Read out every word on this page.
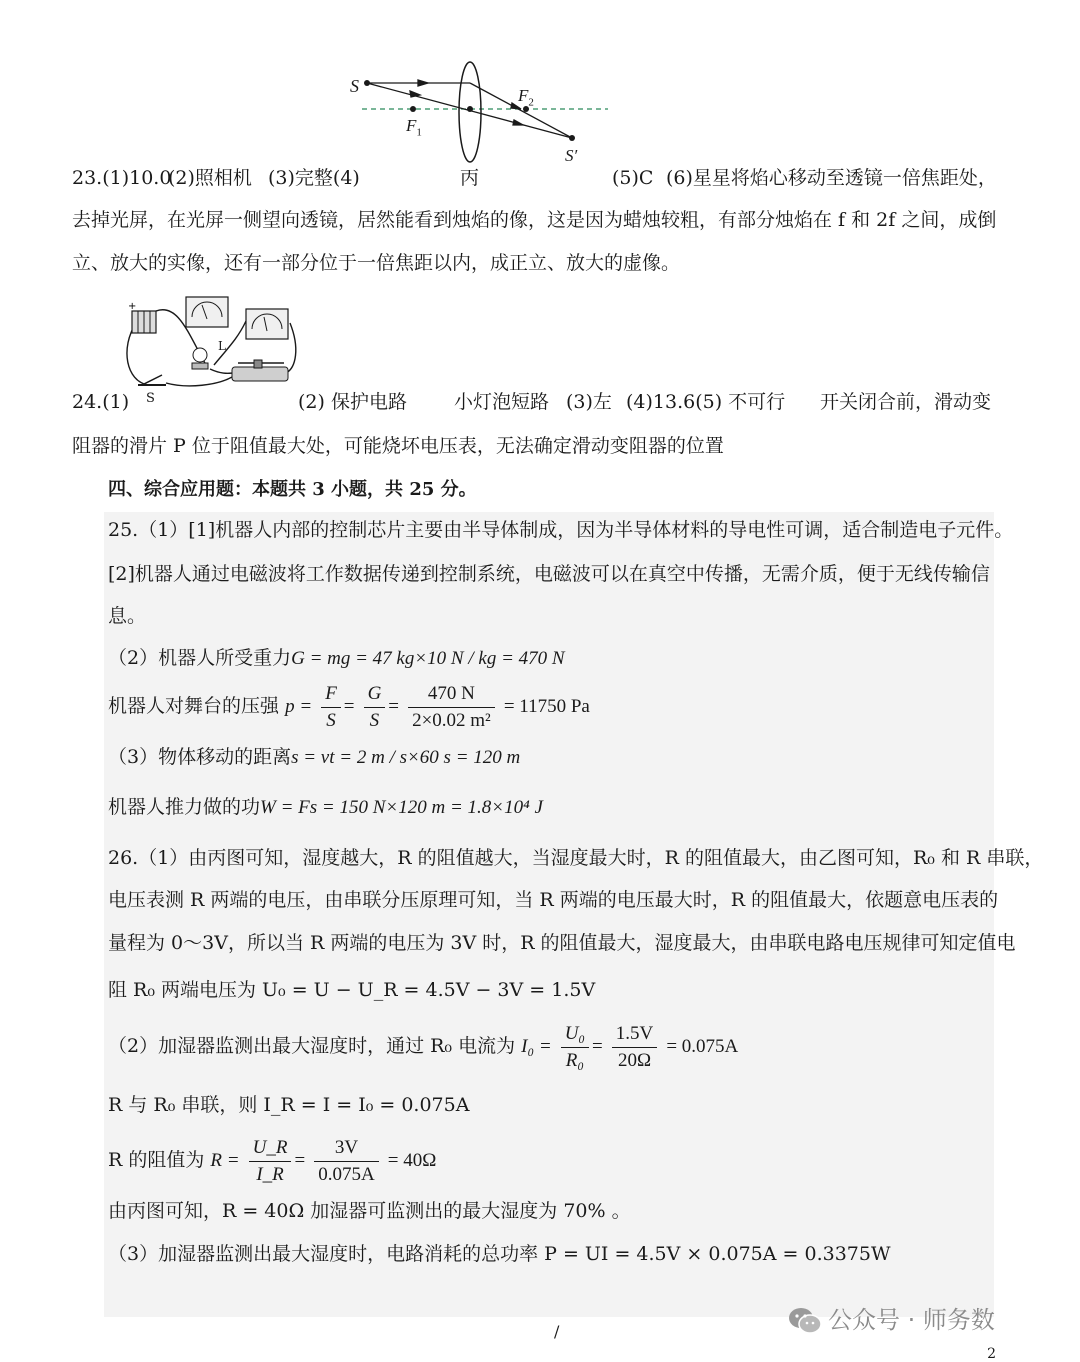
S
$F_1$
$F_2$
S′
23.(1)10.0
(2)照相机 (3)完整(4)	丙	(5)C (6)星星将焰心移动至透镜一倍焦距处，
去掉光屏，在光屏一侧望向透镜，居然能看到烛焰的像，这是因为蜡烛较粗，有部分烛焰在 f 和 2f 之间，成倒
立、放大的实像，还有一部分位于一倍焦距以内，成正立、放大的虚像。
+
L
S
24.(1)	(2) 保护电路 小灯泡短路 (3)左 (4)13.6(5) 不可行 开关闭合前，滑动变
阻器的滑片 P 位于阻值最大处，可能烧坏电压表，无法确定滑动变阻器的位置
四、综合应用题：本题共 3 小题，共 25 分。
25.（1）[1]机器人内部的控制芯片主要由半导体制成，因为半导体材料的导电性可调，适合制造电子元件。
[2]机器人通过电磁波将工作数据传递到控制系统，电磁波可以在真空中传播，无需介质，便于无线传输信
息。
（2）机器人所受重力G = mg = 47 kg×10 N / kg = 470 N
机器人对舞台的压强 $p = \frac{F}{S} = \frac{G}{S} = \frac{470 N}{\text{2×0.02 m²}} = 11750$ Pa
（3）物体移动的距离s = vt = 2 m / s×60 s = 120 m
机器人推力做的功W = Fs = 150 N×120 m = 1.8×10⁴ J
26.（1）由丙图可知，湿度越大，R 的阻值越大，当湿度最大时，R 的阻值最大，由乙图可知，R₀ 和 R 串联，
电压表测 R 两端的电压，由串联分压原理可知，当 R 两端的电压最大时，R 的阻值最大，依题意电压表的
量程为 0～3V，所以当 R 两端的电压为 3V 时，R 的阻值最大，湿度最大，由串联电路电压规律可知定值电
阻 R₀ 两端电压为 U₀ = U − U_R = 4.5V − 3V = 1.5V
（2）加湿器监测出最大湿度时，通过 R₀ 电流为 $I_0 = \frac{\text{U₀}}{\text{R₀}} = \frac{1.5V}{20\Omega} = 0.075A$
R 与 R₀ 串联，则 I_R = I = I₀ = 0.075A
R 的阻值为 $R = \frac{U\_R}{I\_R} = \frac{3V}{0.075A} = 40\Omega$
由丙图可知，R = 40Ω 加湿器可监测出的最大湿度为 70% 。
（3）加湿器监测出最大湿度时，电路消耗的总功率 P = UI = 4.5V × 0.075A = 0.3375W
/	公众号 · 师务数
2
